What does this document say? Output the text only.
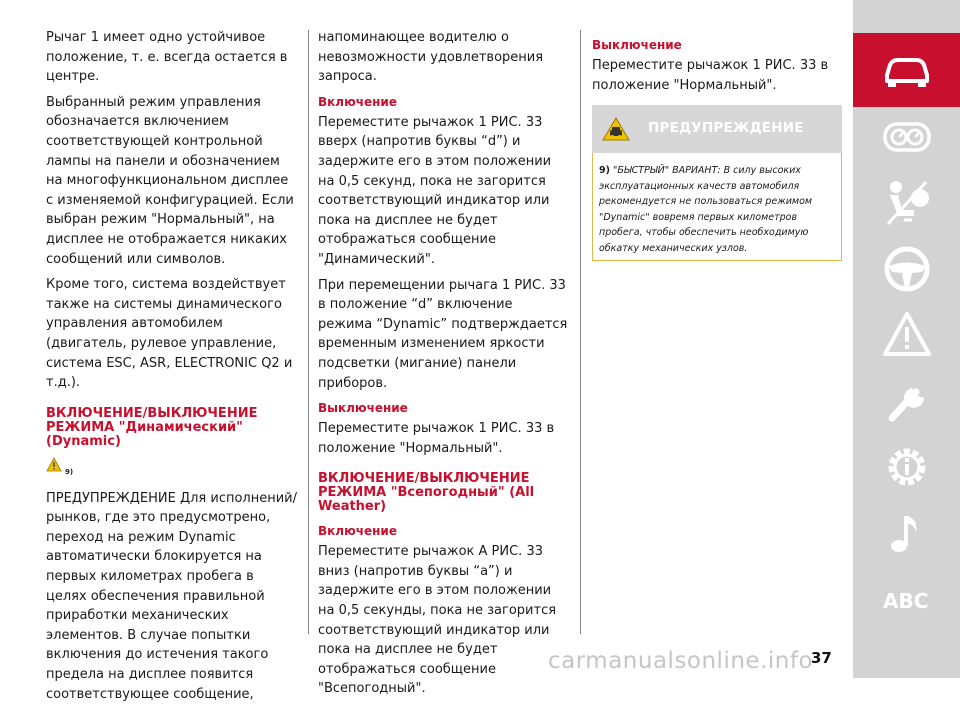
Рычаг 1 имеет одно устойчивое положение, т. е. всегда остается в центре.

Выбранный режим управления обозначается включением соответствующей контрольной лампы на панели и обозначением на многофункциональном дисплее с изменяемой конфигурацией. Если выбран режим "Нормальный", на дисплее не отображается никаких сообщений или символов.

Кроме того, система воздействует также на системы динамического управления автомобилем (двигатель, рулевое управление, система ESC, ASR, ELECTRONIC Q2 и т.д.).

ВКЛЮЧЕНИЕ/ВЫКЛЮЧЕНИЕ РЕЖИМА "Динамический" (Dynamic)
9)

ПРЕДУПРЕЖДЕНИЕ Для исполнений/рынков, где это предусмотрено, переход на режим Dynamic автоматически блокируется на первых километрах пробега в целях обеспечения правильной приработки механических элементов. В случае попытки включения до истечения такого предела на дисплее появится соответствующее сообщение,

напоминающее водителю о невозможности удовлетворения запроса.

Включение

Переместите рычажок 1 РИС. 33 вверх (напротив буквы “d”) и задержите его в этом положении на 0,5 секунд, пока не загорится соответствующий индикатор или пока на дисплее не будет отображаться сообщение "Динамический".

При перемещении рычага 1 РИС. 33 в положение “d” включение режима “Dynamic” подтверждается временным изменением яркости подсветки (мигание) панели приборов.

Выключение

Переместите рычажок 1 РИС. 33 в положение "Нормальный".

ВКЛЮЧЕНИЕ/ВЫКЛЮЧЕНИЕ РЕЖИМА "Всепогодный" (All Weather)
Включение

Переместите рычажок A РИС. 33 вниз (напротив буквы “a”) и задержите его в этом положении на 0,5 секунды, пока не загорится соответствующий индикатор или пока на дисплее не будет отображаться сообщение "Всепогодный".

Выключение

Переместите рычажок 1 РИС. 33 в положение "Нормальный".

ПРЕДУПРЕЖДЕНИЕ
9) "БЫСТРЫЙ" ВАРИАНТ: В силу высоких эксплуатационных качеств автомобиля рекомендуется не пользоваться режимом "Dynamic" вовремя первых километров пробега, чтобы обеспечить необходимую обкатку механических узлов.
ABC
37
carmanualsonline.info
